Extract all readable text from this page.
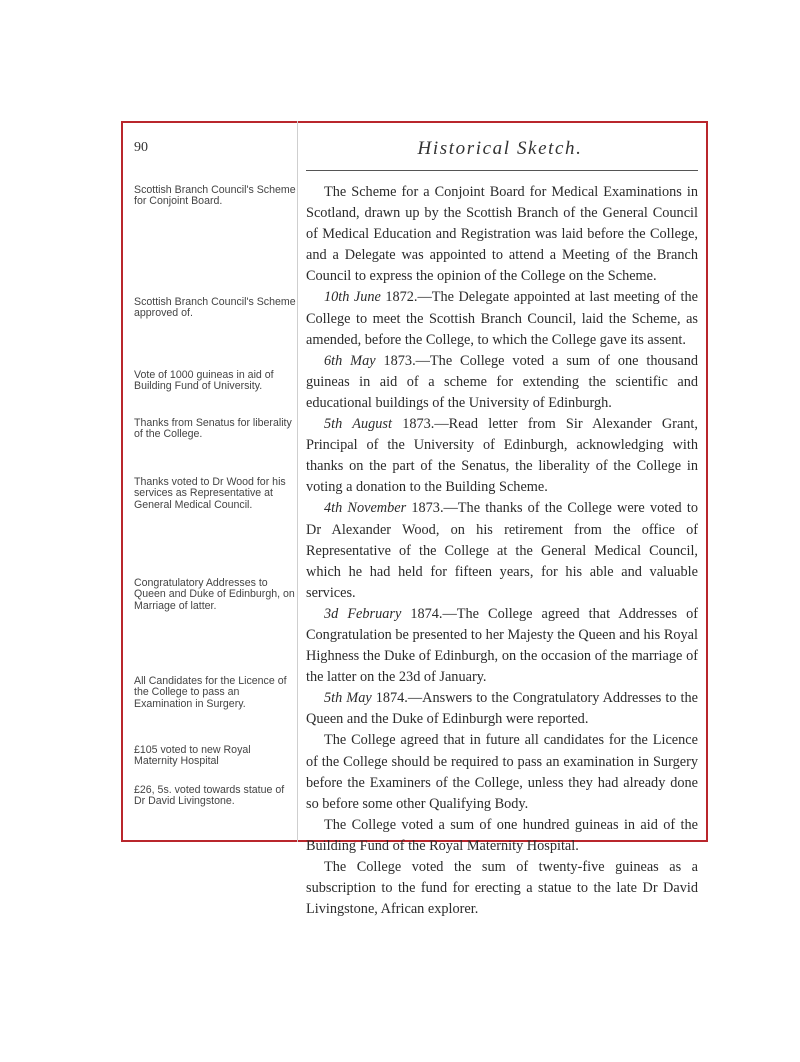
90	Historical Sketch.
Scottish Branch Council's Scheme for Conjoint Board.
Scottish Branch Council's Scheme approved of.
Vote of 1000 guineas in aid of Building Fund of University.
Thanks from Senatus for liberality of the College.
Thanks voted to Dr Wood for his services as Representative at General Medical Council.
Congratulatory Addresses to Queen and Duke of Edinburgh, on Marriage of latter.
All Candidates for the Licence of the College to pass an Examination in Surgery.
£105 voted to new Royal Maternity Hospital
£26, 5s. voted towards statue of Dr David Livingstone.

The Scheme for a Conjoint Board for Medical Examinations in Scotland, drawn up by the Scottish Branch of the General Council of Medical Education and Registration was laid before the College, and a Delegate was appointed to attend a Meeting of the Branch Council to express the opinion of the College on the Scheme.

10th June 1872.—The Delegate appointed at last meeting of the College to meet the Scottish Branch Council, laid the Scheme, as amended, before the College, to which the College gave its assent.

6th May 1873.—The College voted a sum of one thousand guineas in aid of a scheme for extending the scientific and educational buildings of the University of Edinburgh.

5th August 1873.—Read letter from Sir Alexander Grant, Principal of the University of Edinburgh, acknowledging with thanks on the part of the Senatus, the liberality of the College in voting a donation to the Building Scheme.

4th November 1873.—The thanks of the College were voted to Dr Alexander Wood, on his retirement from the office of Representative of the College at the General Medical Council, which he had held for fifteen years, for his able and valuable services.

3d February 1874.—The College agreed that Addresses of Congratulation be presented to her Majesty the Queen and his Royal Highness the Duke of Edinburgh, on the occasion of the marriage of the latter on the 23d of January.

5th May 1874.—Answers to the Congratulatory Addresses to the Queen and the Duke of Edinburgh were reported.

The College agreed that in future all candidates for the Licence of the College should be required to pass an examination in Surgery before the Examiners of the College, unless they had already done so before some other Qualifying Body.

The College voted a sum of one hundred guineas in aid of the Building Fund of the Royal Maternity Hospital.

The College voted the sum of twenty-five guineas as a subscription to the fund for erecting a statue to the late Dr David Livingstone, African explorer.
